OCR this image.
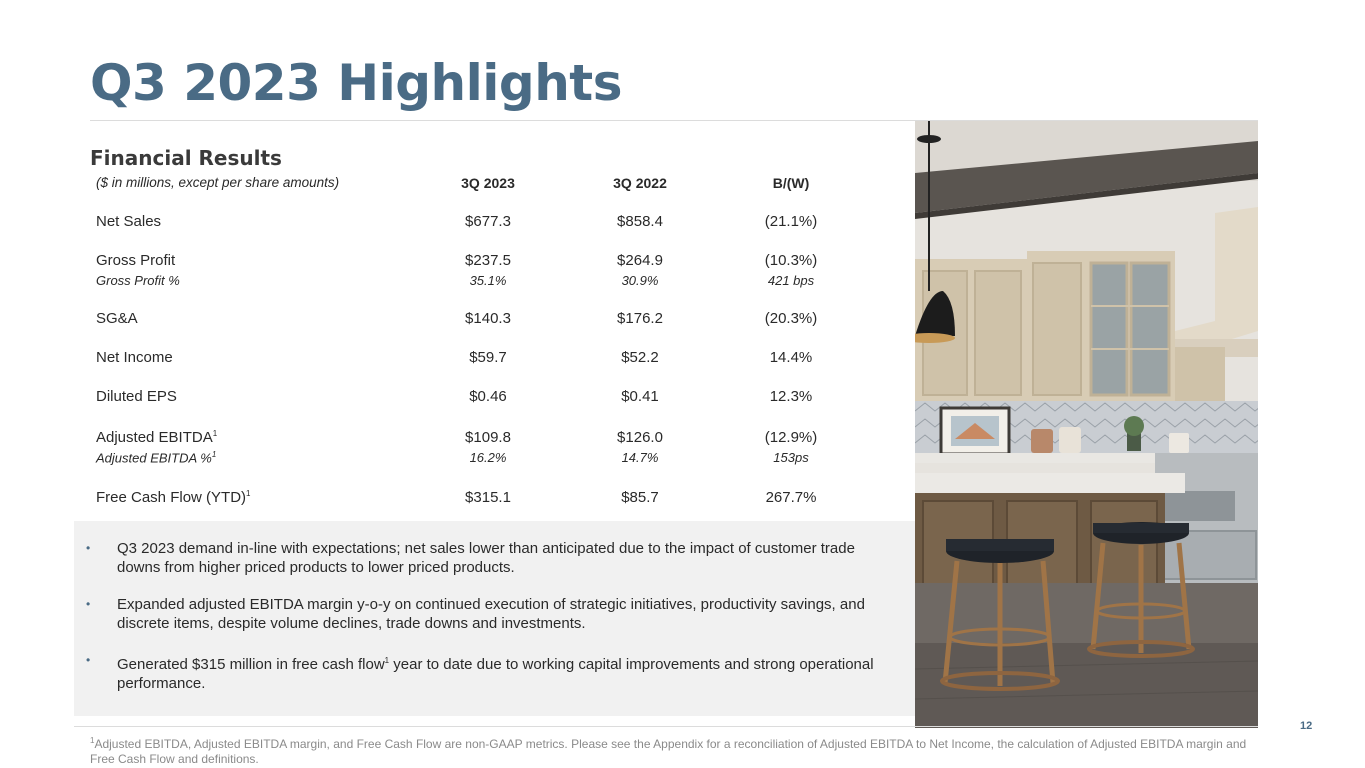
Q3 2023 Highlights
Financial Results
($ in millions, except per share amounts)	3Q 2023	3Q 2022	B/(W)
Net Sales	$677.3	$858.4	(21.1%)
Gross Profit	$237.5	$264.9	(10.3%)
Gross Profit %	35.1%	30.9%	421 bps
SG&A	$140.3	$176.2	(20.3%)
Net Income	$59.7	$52.2	14.4%
Diluted EPS	$0.46	$0.41	12.3%
Adjusted EBITDA$^1$	$109.8	$126.0	(12.9%)
Adjusted EBITDA %$^1$	16.2%	14.7%	153ps
Free Cash Flow (YTD)$^1$	$315.1	$85.7	267.7%
• Q3 2023 demand in-line with expectations; net sales lower than anticipated due to the impact of customer trade downs from higher priced products to lower priced products.
• Expanded adjusted EBITDA margin y-o-y on continued execution of strategic initiatives, productivity savings, and discrete items, despite volume declines, trade downs and investments.
• Generated $315 million in free cash flow$^1$ year to date due to working capital improvements and strong operational performance.
$^1$Adjusted EBITDA, Adjusted EBITDA margin, and Free Cash Flow are non-GAAP metrics. Please see the Appendix for a reconciliation of Adjusted EBITDA to Net Income, the calculation of Adjusted EBITDA margin and Free Cash Flow and definitions.
12
